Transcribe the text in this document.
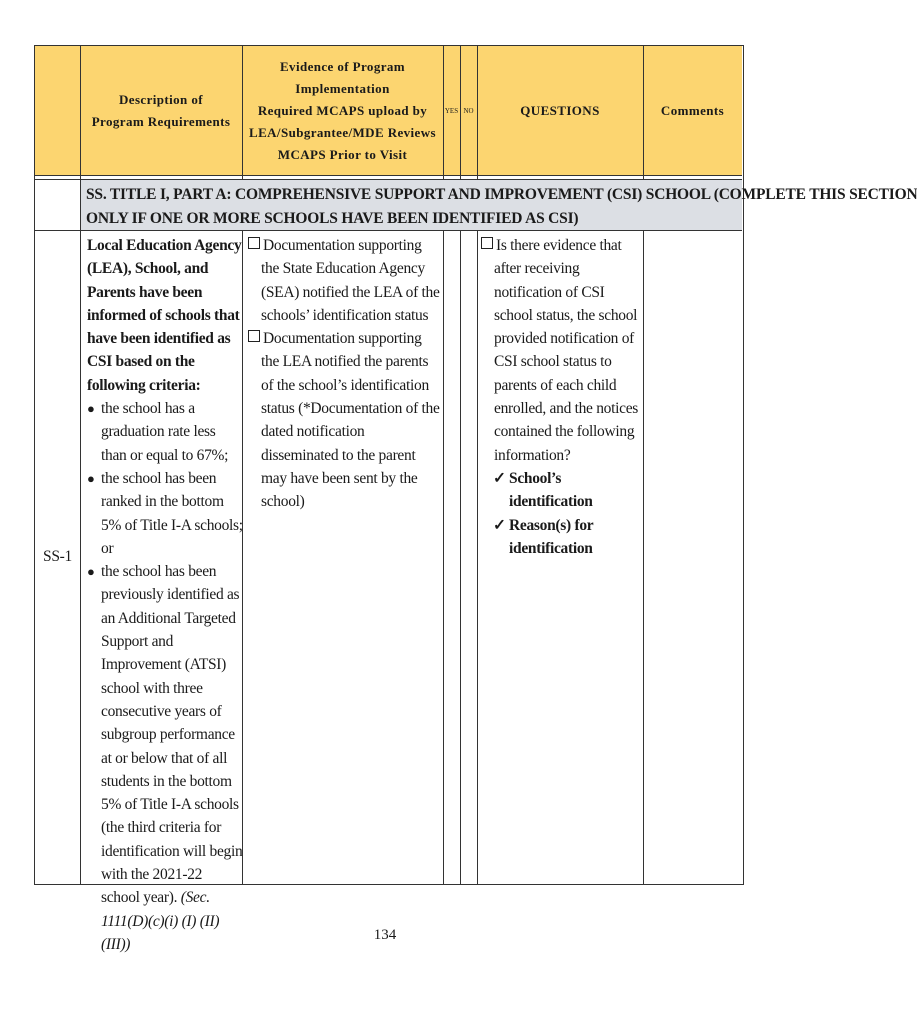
Description of
Program Requirements
Evidence of Program
Implementation
Required MCAPS upload by
LEA/Subgrantee/MDE Reviews
MCAPS Prior to Visit
YES NO	QUESTIONS	Comments
SS. TITLE I, PART A: COMPREHENSIVE SUPPORT AND IMPROVEMENT (CSI) SCHOOL (COMPLETE THIS SECTION
ONLY IF ONE OR MORE SCHOOLS HAVE BEEN IDENTIFIED AS CSI)
SS-1
Local Education Agency (LEA), School, and Parents have been informed of schools that have been identified as CSI based on the following criteria:
● the school has a graduation rate less than or equal to 67%;
● the school has been ranked in the bottom 5% of Title I-A schools; or
● the school has been previously identified as an Additional Targeted Support and Improvement (ATSI) school with three consecutive years of subgroup performance at or below that of all students in the bottom 5% of Title I-A schools (the third criteria for identification will begin with the 2021-22 school year). (Sec. 1111(D)(c)(i) (I) (II) (III))
Documentation supporting the State Education Agency (SEA) notified the LEA of the schools’ identification status
Documentation supporting the LEA notified the parents of the school’s identification status (*Documentation of the dated notification disseminated to the parent may have been sent by the school)
Is there evidence that after receiving notification of CSI school status, the school provided notification of CSI school status to parents of each child enrolled, and the notices contained the following information?
✓ School’s identification
✓ Reason(s) for identification
134
